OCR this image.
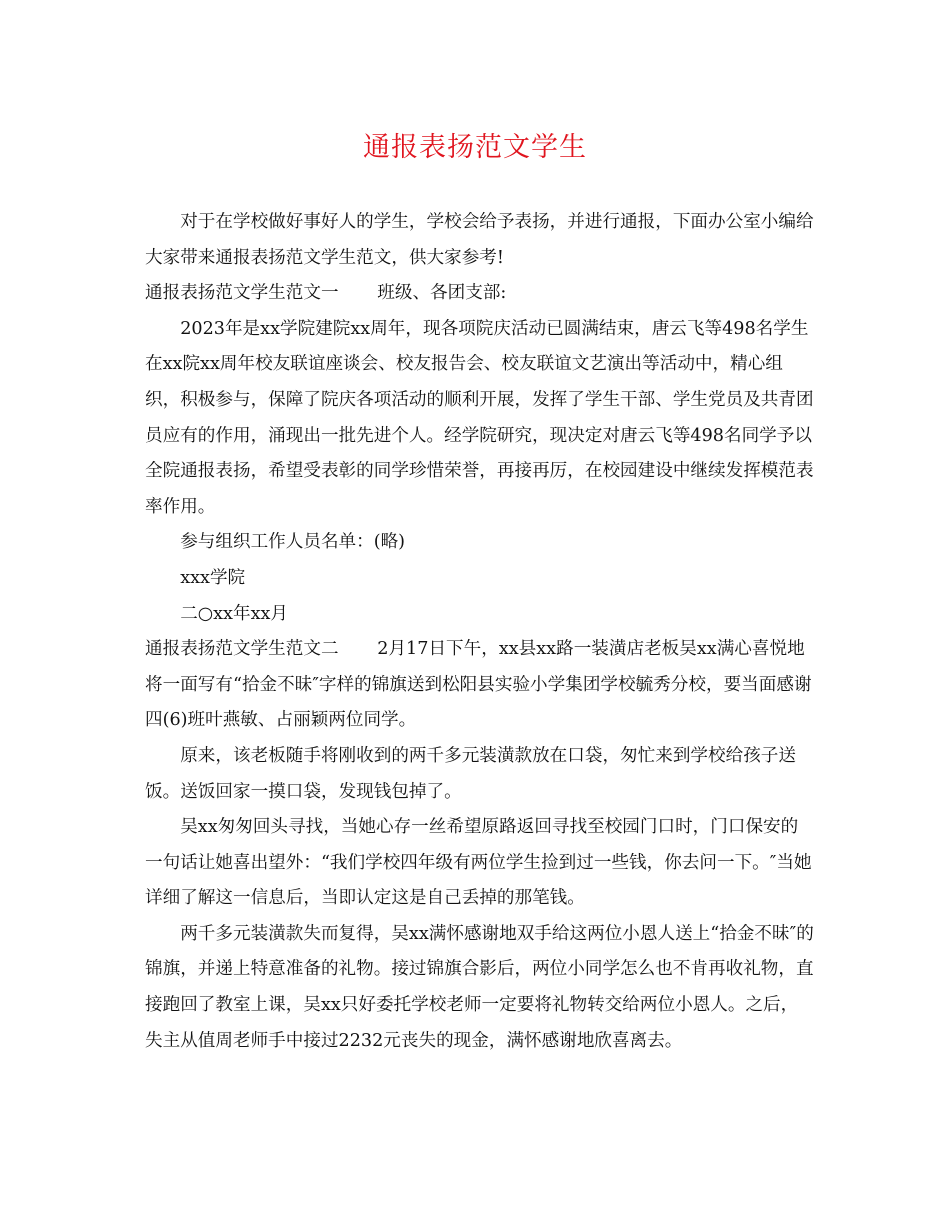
通报表扬范文学生

对于在学校做好事好人的学生，学校会给予表扬，并进行通报，下面办公室小编给大家带来通报表扬范文学生范文，供大家参考!

通报表扬范文学生范文一 班级、各团支部:

2023年是xx学院建院xx周年，现各项院庆活动已圆满结束，唐云飞等498名学生在xx院xx周年校友联谊座谈会、校友报告会、校友联谊文艺演出等活动中，精心组织，积极参与，保障了院庆各项活动的顺利开展，发挥了学生干部、学生党员及共青团员应有的作用，涌现出一批先进个人。经学院研究，现决定对唐云飞等498名同学予以全院通报表扬，希望受表彰的同学珍惜荣誉，再接再厉，在校园建设中继续发挥模范表率作用。

参与组织工作人员名单：(略)

xxx学院

二○xx年xx月

通报表扬范文学生范文二 2月17日下午，xx县xx路一装潢店老板吴xx满心喜悦地将一面写有“拾金不昧″字样的锦旗送到松阳县实验小学集团学校毓秀分校，要当面感谢四(6)班叶燕敏、占丽颖两位同学。

原来，该老板随手将刚收到的两千多元装潢款放在口袋，匆忙来到学校给孩子送饭。送饭回家一摸口袋，发现钱包掉了。

吴xx匆匆回头寻找，当她心存一丝希望原路返回寻找至校园门口时，门口保安的一句话让她喜出望外：“我们学校四年级有两位学生捡到过一些钱，你去问一下。″当她详细了解这一信息后，当即认定这是自己丢掉的那笔钱。

两千多元装潢款失而复得，吴xx满怀感谢地双手给这两位小恩人送上“拾金不昧″的锦旗，并递上特意准备的礼物。接过锦旗合影后，两位小同学怎么也不肯再收礼物，直接跑回了教室上课，吴xx只好委托学校老师一定要将礼物转交给两位小恩人。之后，失主从值周老师手中接过2232元丧失的现金，满怀感谢地欣喜离去。
